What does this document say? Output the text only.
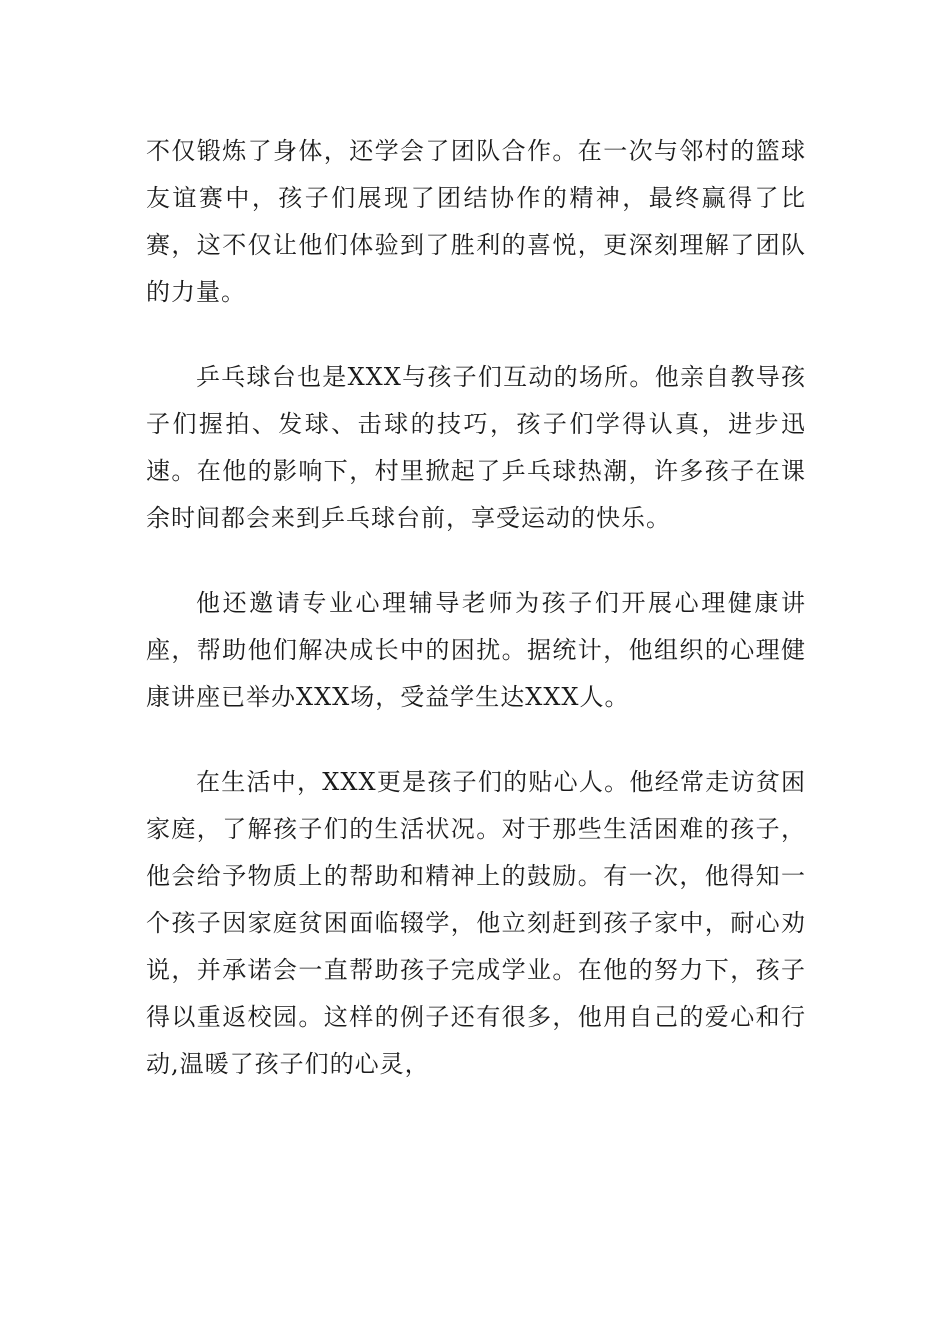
不仅锻炼了身体，还学会了团队合作。在一次与邻村的篮球友谊赛中，孩子们展现了团结协作的精神，最终赢得了比赛，这不仅让他们体验到了胜利的喜悦，更深刻理解了团队的力量。

乒乓球台也是XXX与孩子们互动的场所。他亲自教导孩子们握拍、发球、击球的技巧，孩子们学得认真，进步迅速。在他的影响下，村里掀起了乒乓球热潮，许多孩子在课余时间都会来到乒乓球台前，享受运动的快乐。

他还邀请专业心理辅导老师为孩子们开展心理健康讲座，帮助他们解决成长中的困扰。据统计，他组织的心理健康讲座已举办XXX场，受益学生达XXX人。

在生活中，XXX更是孩子们的贴心人。他经常走访贫困家庭，了解孩子们的生活状况。对于那些生活困难的孩子，他会给予物质上的帮助和精神上的鼓励。有一次，他得知一个孩子因家庭贫困面临辍学，他立刻赶到孩子家中，耐心劝说，并承诺会一直帮助孩子完成学业。在他的努力下，孩子得以重返校园。这样的例子还有很多，他用自己的爱心和行动,温暖了孩子们的心灵，
